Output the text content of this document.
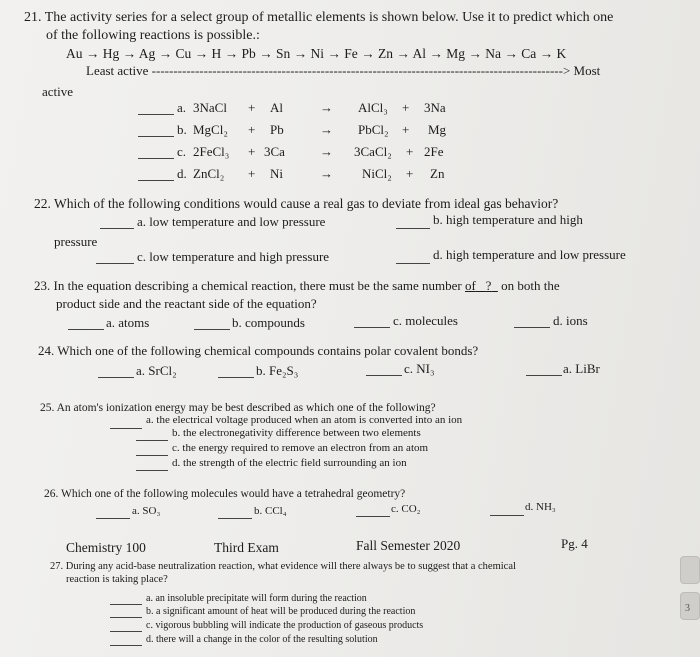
21. The activity series for a select group of metallic elements is shown below. Use it to predict which one
of the following reactions is possible.:
Au → Hg → Ag → Cu → H → Pb → Sn → Ni → Fe → Zn → Al → Mg → Na → Ca → K
Least active -----------------------------------------------------------------------------------------------> Most
active
a. 3NaCl + Al	→ AlCl₃ + 3Na
b. MgCl₂ + Pb	→ PbCl₂ + Mg
c. 2FeCl₃ + 3Ca	→ 3CaCl₂ + 2Fe
d. ZnCl₂ + Ni	→ NiCl₂ + Zn
22. Which of the following conditions would cause a real gas to deviate from ideal gas behavior?
a. low temperature and low pressure	b. high temperature and high
pressure
c. low temperature and high pressure	d. high temperature and low pressure
23. In the equation describing a chemical reaction, there must be the same number of ?   on both the
product side and the reactant side of the equation?
a. atoms	b. compounds	c. molecules	d. ions
24. Which one of the following chemical compounds contains polar covalent bonds?
a. SrCl₂	b. Fe₂S₃	c. NI₃	a. LiBr
25. An atom's ionization energy may be best described as which one of the following?
a. the electrical voltage produced when an atom is converted into an ion
b. the electronegativity difference between two elements
c. the energy required to remove an electron from an atom
d. the strength of the electric field surrounding an ion
26. Which one of the following molecules would have a tetrahedral geometry?
a. SO₃	b. CCl₄	c. CO₂	d. NH₃
Chemistry 100	Third Exam	Fall Semester 2020	Pg. 4
27. During any acid-base neutralization reaction, what evidence will there always be to suggest that a chemical
reaction is taking place?
a. an insoluble precipitate will form during the reaction
b. a significant amount of heat will be produced during the reaction
c. vigorous bubbling will indicate the production of gaseous products
d. there will a change in the color of the resulting solution
3
